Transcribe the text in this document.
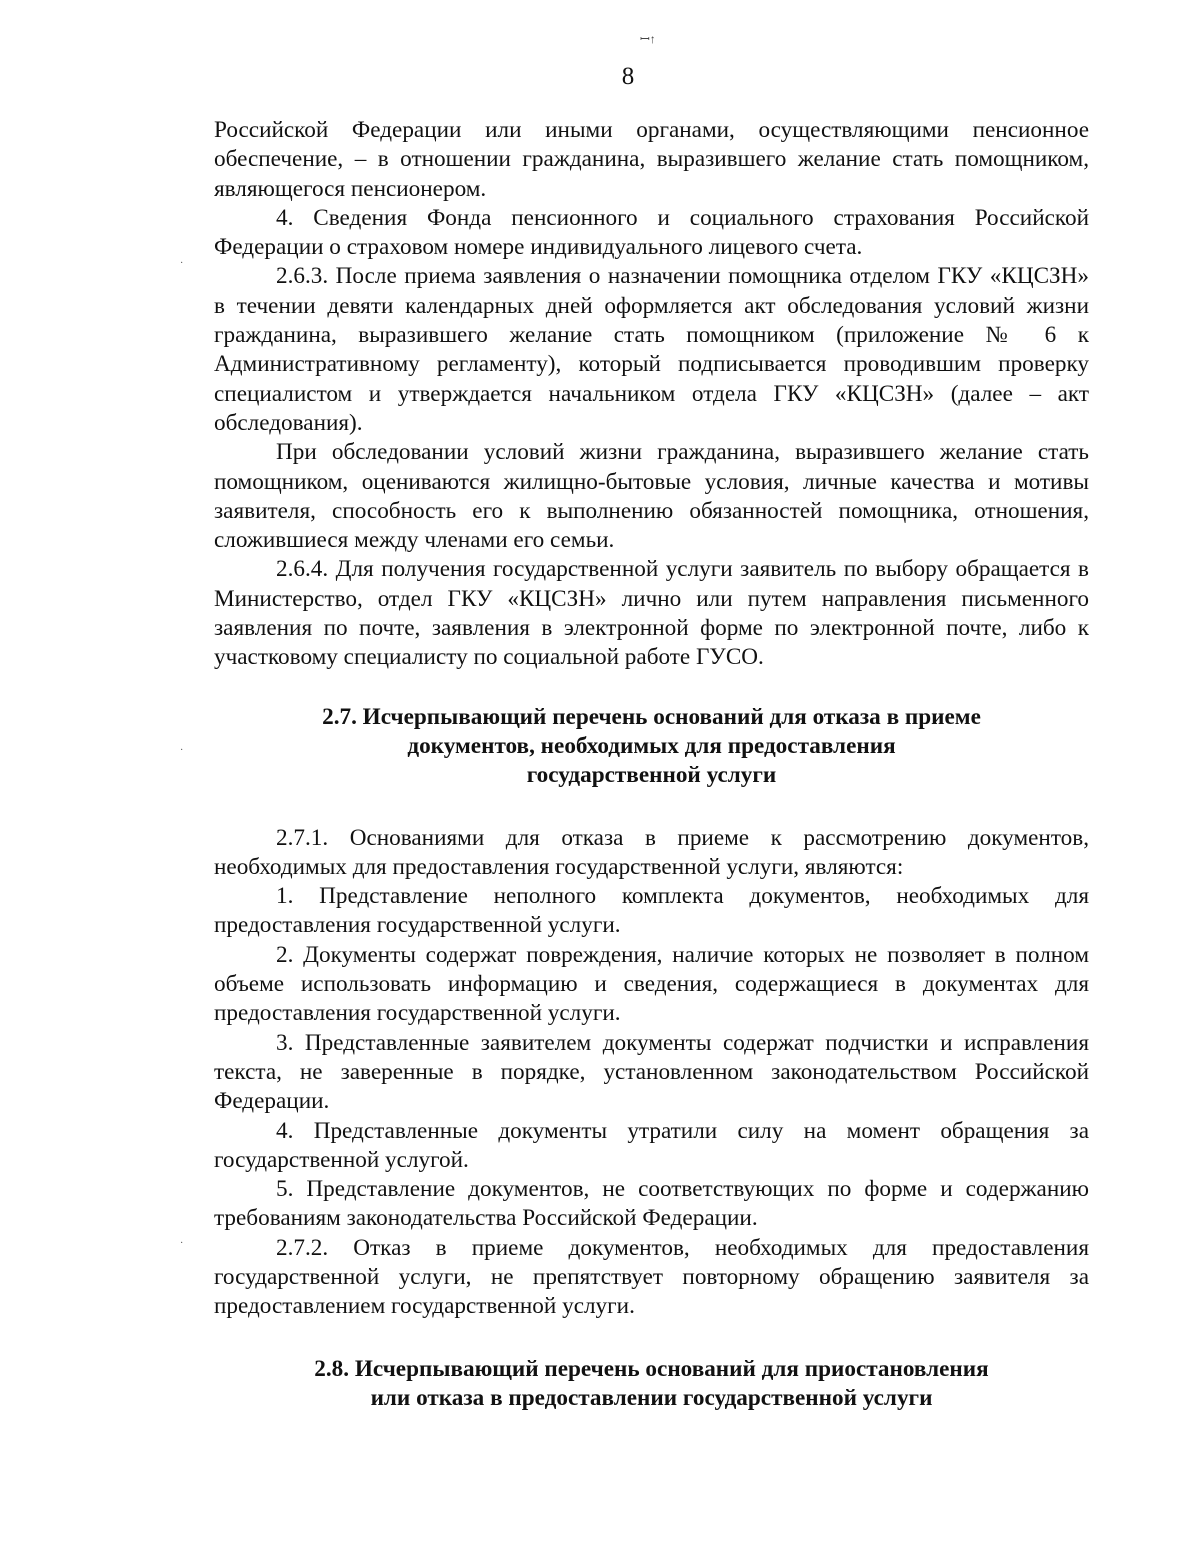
ꟷ↑
8

Российской Федерации или иными органами, осуществляющими пенсионное обеспечение, – в отношении гражданина, выразившего желание стать помощником, являющегося пенсионером.

4. Сведения Фонда пенсионного и социального страхования Российской Федерации о страховом номере индивидуального лицевого счета.

2.6.3. После приема заявления о назначении помощника отделом ГКУ «КЦСЗН» в течении девяти календарных дней оформляется акт обследования условий жизни гражданина, выразившего желание стать помощником (приложение № 6 к Административному регламенту), который подписывается проводившим проверку специалистом и утверждается начальником отдела ГКУ «КЦСЗН» (далее – акт обследования).

При обследовании условий жизни гражданина, выразившего желание стать помощником, оцениваются жилищно-бытовые условия, личные качества и мотивы заявителя, способность его к выполнению обязанностей помощника, отношения, сложившиеся между членами его семьи.

2.6.4. Для получения государственной услуги заявитель по выбору обращается в Министерство, отдел ГКУ «КЦСЗН» лично или путем направления письменного заявления по почте, заявления в электронной форме по электронной почте, либо к участковому специалисту по социальной работе ГУСО.

2.7. Исчерпывающий перечень оснований для отказа в приеме
документов, необходимых для предоставления
государственной услуги

2.7.1. Основаниями для отказа в приеме к рассмотрению документов, необходимых для предоставления государственной услуги, являются:

1. Представление неполного комплекта документов, необходимых для предоставления государственной услуги.

2. Документы содержат повреждения, наличие которых не позволяет в полном объеме использовать информацию и сведения, содержащиеся в документах для предоставления государственной услуги.

3. Представленные заявителем документы содержат подчистки и исправления текста, не заверенные в порядке, установленном законодательством Российской Федерации.

4. Представленные документы утратили силу на момент обращения за государственной услугой.

5. Представление документов, не соответствующих по форме и содержанию требованиям законодательства Российской Федерации.

2.7.2. Отказ в приеме документов, необходимых для предоставления государственной услуги, не препятствует повторному обращению заявителя за предоставлением государственной услуги.

2.8. Исчерпывающий перечень оснований для приостановления
или отказа в предоставлении государственной услуги
·
·
·
